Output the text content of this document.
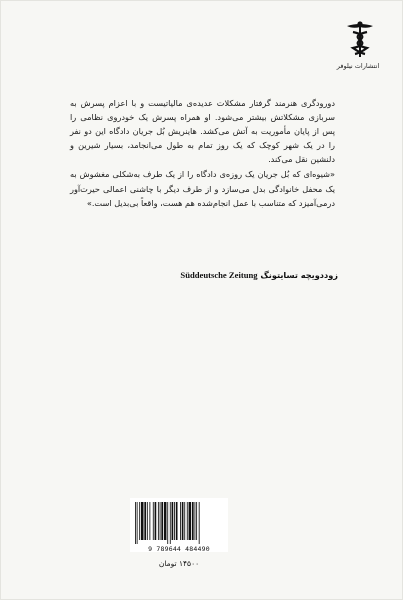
انتشارات نیلوفر

دورودگری هنرمند گرفتار مشکلات عدیده‌ی مالیاتیست و با اعزام پسرش به سربازی مشکلاتش بیشتر می‌شود. او همراه پسرش یک خودروی نظامی را پس از پایان مأموریت به آتش می‌کشد. هاینریش بُل جریان دادگاه این دو نفر را در یک شهر کوچک که یک روز تمام به طول می‌انجامد، بسیار شیرین و دلنشین نقل می‌کند.

«شیوه‌ای که بُل جریان یک روزه‌ی دادگاه را از یک طرف به‌شکلی مغشوش به یک محفل خانوادگی بدل می‌سازد و از طرف دیگر با چاشنی اعمالی حیرت‌آور درمی‌آمیزد که متناسب با عمل انجام‌شده هم هست، واقعاً بی‌بدیل است.»

زوددویچه تسایتونگ Süddeutsche Zeitung
9 789644 484490
۱۴۵۰۰ تومان
